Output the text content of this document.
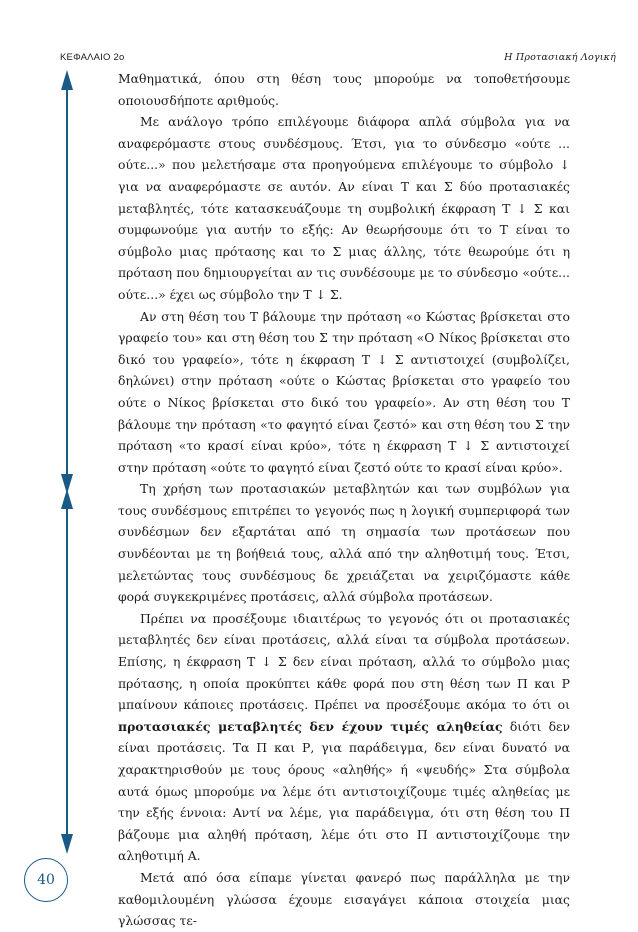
ΚΕΦΑΛΑΙΟ 2ο	Η Προτασιακή Λογική

Μαθηματικά, όπου στη θέση τους μπορούμε να τοποθετήσουμε οποιουσδήποτε αριθμούς.

Με ανάλογο τρόπο επιλέγουμε διάφορα απλά σύμβολα για να αναφερόμαστε στους συνδέσμους. Έτσι, για το σύνδεσμο «ούτε ... ούτε...» που μελετήσαμε στα προηγούμενα επιλέγουμε το σύμβολο ↓ για να αναφερόμαστε σε αυτόν. Αν είναι Τ και Σ δύο προτασιακές μεταβλητές, τότε κατασκευάζουμε τη συμβολική έκφραση Τ ↓ Σ και συμφωνούμε για αυτήν το εξής: Αν θεωρήσουμε ότι το Τ είναι το σύμβολο μιας πρότασης και το Σ μιας άλλης, τότε θεωρούμε ότι η πρόταση που δημιουργείται αν τις συνδέσουμε με το σύνδεσμο «ούτε... ούτε...» έχει ως σύμβολο την Τ ↓ Σ.

Αν στη θέση του Τ βάλουμε την πρόταση «ο Κώστας βρίσκεται στο γραφείο του» και στη θέση του Σ την πρόταση «Ο Νίκος βρίσκεται στο δικό του γραφείο», τότε η έκφραση Τ ↓ Σ αντιστοιχεί (συμβολίζει, δηλώνει) στην πρόταση «ούτε ο Κώστας βρίσκεται στο γραφείο του ούτε ο Νίκος βρίσκεται στο δικό του γραφείο». Αν στη θέση του Τ βάλουμε την πρόταση «το φαγητό είναι ζεστό» και στη θέση του Σ την πρόταση «το κρασί είναι κρύο», τότε η έκφραση Τ ↓ Σ αντιστοιχεί στην πρόταση «ούτε το φαγητό είναι ζεστό ούτε το κρασί είναι κρύο».

Τη χρήση των προτασιακών μεταβλητών και των συμβόλων για τους συνδέσμους επιτρέπει το γεγονός πως η λογική συμπεριφορά των συνδέσμων δεν εξαρτάται από τη σημασία των προτάσεων που συνδέονται με τη βοήθειά τους, αλλά από την αληθοτιμή τους. Έτσι, μελετώντας τους συνδέσμους δε χρειάζεται να χειριζόμαστε κάθε φορά συγκεκριμένες προτάσεις, αλλά σύμβολα προτάσεων.

Πρέπει να προσέξουμε ιδιαιτέρως το γεγονός ότι οι προτασιακές μεταβλητές δεν είναι προτάσεις, αλλά είναι τα σύμβολα προτάσεων. Επίσης, η έκφραση Τ ↓ Σ δεν είναι πρόταση, αλλά το σύμβολο μιας πρότασης, η οποία προκύπτει κάθε φορά που στη θέση των Π και Ρ μπαίνουν κάποιες προτάσεις. Πρέπει να προσέξουμε ακόμα το ότι οι προτασιακές μεταβλητές δεν έχουν τιμές αληθείας διότι δεν είναι προτάσεις. Τα Π και Ρ, για παράδειγμα, δεν είναι δυνατό να χαρακτηρισθούν με τους όρους «αληθής» ή «ψευδής» Στα σύμβολα αυτά όμως μπορούμε να λέμε ότι αντιστοιχίζουμε τιμές αληθείας με την εξής έννοια: Αντί να λέμε, για παράδειγμα, ότι στη θέση του Π βάζουμε μια αληθή πρόταση, λέμε ότι στο Π αντιστοιχίζουμε την αληθοτιμή Α.

Μετά από όσα είπαμε γίνεται φανερό πως παράλληλα με την καθομιλουμένη γλώσσα έχουμε εισαγάγει κάποια στοιχεία μιας γλώσσας τε-

40
